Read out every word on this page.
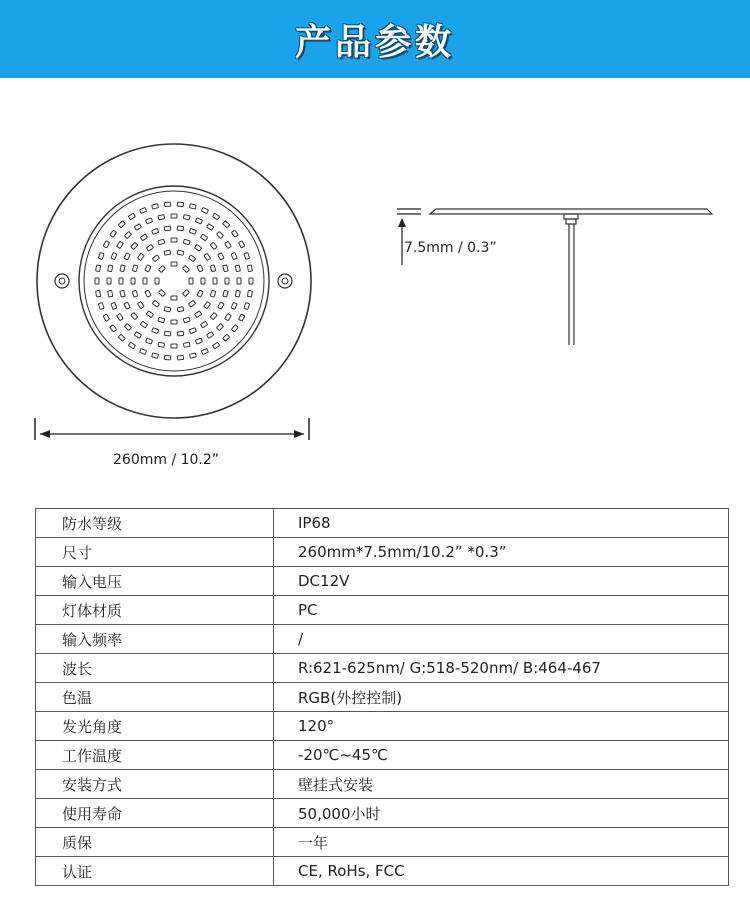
产品参数
260mm / 10.2”
7.5mm / 0.3”
防水等级	IP68
尺寸	260mm*7.5mm/10.2” *0.3”
输入电压	DC12V
灯体材质	PC
输入频率	/
波长	R:621-625nm/ G:518-520nm/ B:464-467
色温	RGB(外控控制)
发光角度	120°
工作温度	-20℃~45℃
安装方式	壁挂式安装
使用寿命	50,000小时
质保	一年
认证	CE, RoHs, FCC
